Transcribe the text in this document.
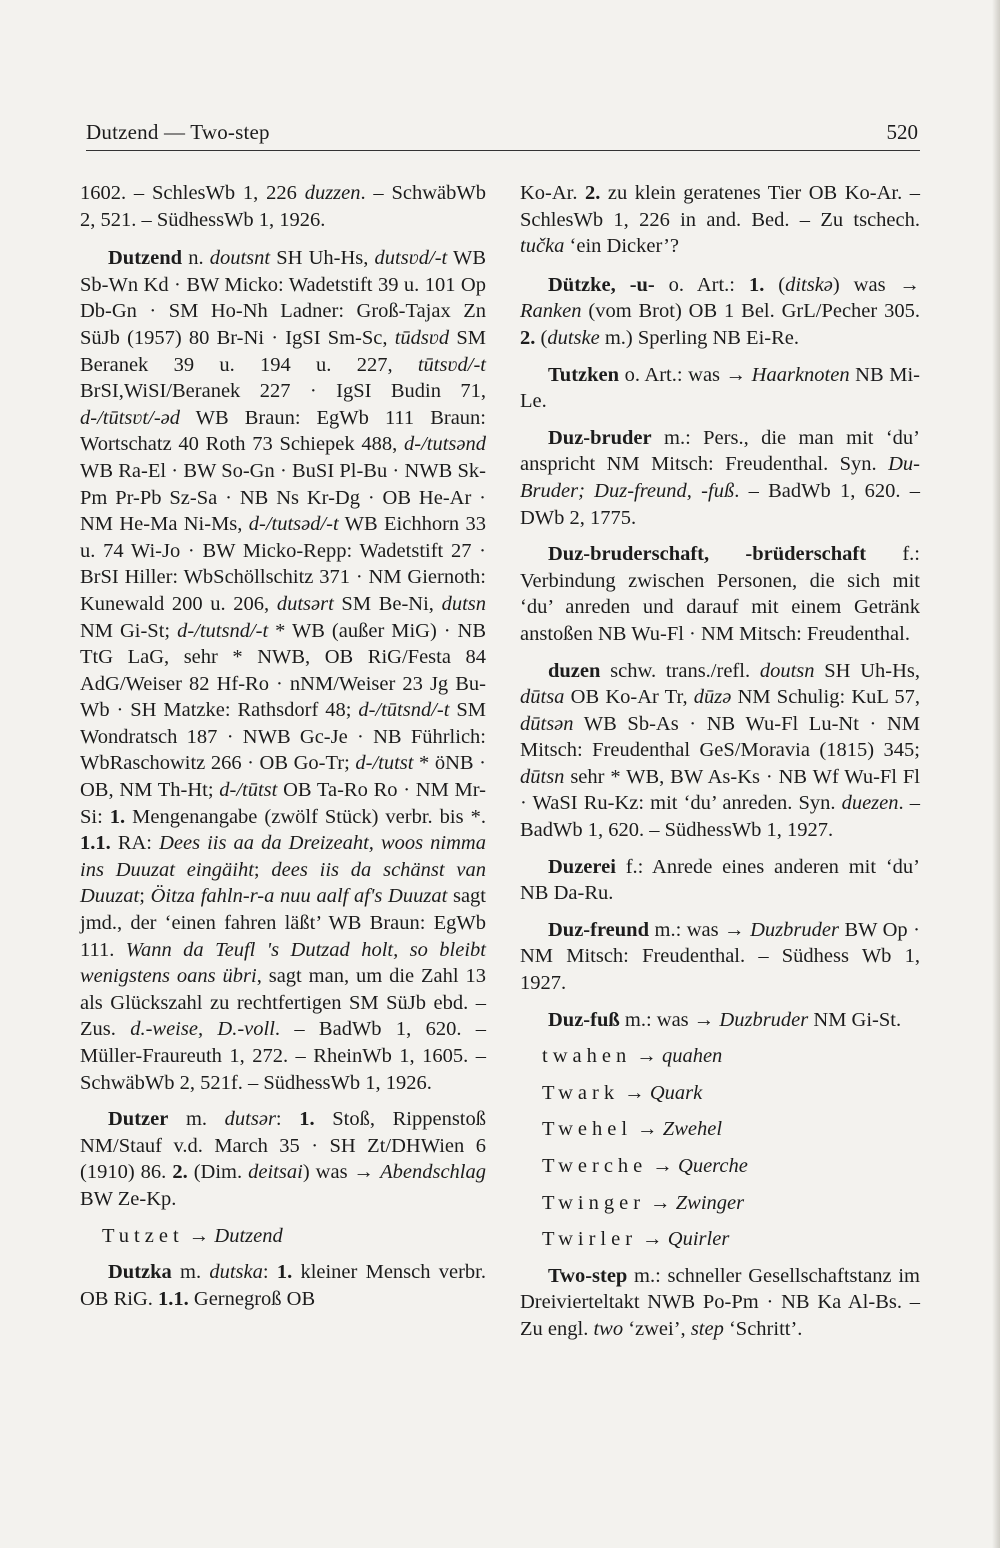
Dutzend — Two-step	520

1602. – SchlesWb 1, 226 duzzen. – SchwäbWb 2, 521. – SüdhessWb 1, 1926.

Dutzend n. doutsnt SH Uh-Hs, dutsʋd/-t WB Sb-Wn Kd · BW Micko: Wadetstift 39 u. 101 Op Db-Gn · SM Ho-Nh Ladner: Groß-Tajax Zn SüJb (1957) 80 Br-Ni · IgSI Sm-Sc, tūdsʋd SM Beranek 39 u. 194 u. 227, tūtsʋd/-t BrSI,WiSI/Beranek 227 · IgSI Budin 71, d-/tūtsʋt/-əd WB Braun: EgWb 111 Braun: Wortschatz 40 Roth 73 Schiepek 488, d-/tutsənd WB Ra-El · BW So-Gn · BuSI Pl-Bu · NWB Sk-Pm Pr-Pb Sz-Sa · NB Ns Kr-Dg · OB He-Ar · NM He-Ma Ni-Ms, d-/tutsəd/-t WB Eichhorn 33 u. 74 Wi-Jo · BW Micko-Repp: Wadetstift 27 · BrSI Hiller: WbSchöllschitz 371 · NM Giernoth: Kunewald 200 u. 206, dutsərt SM Be-Ni, dutsn NM Gi-St; d-/tutsnd/-t * WB (außer MiG) · NB TtG LaG, sehr * NWB, OB RiG/Festa 84 AdG/Weiser 82 Hf-Ro · nNM/Weiser 23 Jg Bu-Wb · SH Matzke: Rathsdorf 48; d-/tūtsnd/-t SM Wondratsch 187 · NWB Gc-Je · NB Führlich: WbRaschowitz 266 · OB Go-Tr; d-/tutst * öNB · OB, NM Th-Ht; d-/tūtst OB Ta-Ro Ro · NM Mr-Si: 1. Mengenangabe (zwölf Stück) verbr. bis *. 1.1. RA: Dees iis aa da Dreizeaht, woos nimma ins Duuzat eingäiht; dees iis da schänst van Duuzat; Öitza fahln-r-a nuu aalf af's Duuzat sagt jmd., der ‘einen fahren läßt’ WB Braun: EgWb 111. Wann da Teufl 's Dutzad holt, so bleibt wenigstens oans übri, sagt man, um die Zahl 13 als Glückszahl zu rechtfertigen SM SüJb ebd. – Zus. d.-weise, D.-voll. – BadWb 1, 620. – Müller-Fraureuth 1, 272. – RheinWb 1, 1605. – SchwäbWb 2, 521f. – SüdhessWb 1, 1926.

Dutzer m. dutsər: 1. Stoß, Rippenstoß NM/Stauf v.d. March 35 · SH Zt/DHWien 6 (1910) 86. 2. (Dim. deitsai) was → Abendschlag BW Ze-Kp.

Tutzet → Dutzend

Dutzka m. dutska: 1. kleiner Mensch verbr. OB RiG. 1.1. Gernegroß OB

Ko-Ar. 2. zu klein geratenes Tier OB Ko-Ar. – SchlesWb 1, 226 in and. Bed. – Zu tschech. tučka ‘ein Dicker’?

Dützke, -u- o. Art.: 1. (ditskə) was → Ranken (vom Brot) OB 1 Bel. GrL/Pecher 305. 2. (dutske m.) Sperling NB Ei-Re.

Tutzken o. Art.: was → Haarknoten NB Mi-Le.

Duz-bruder m.: Pers., die man mit ‘du’ anspricht NM Mitsch: Freudenthal. Syn. Du-Bruder; Duz-freund, -fuß. – BadWb 1, 620. – DWb 2, 1775.

Duz-bruderschaft, -brüderschaft f.: Verbindung zwischen Personen, die sich mit ‘du’ anreden und darauf mit einem Getränk anstoßen NB Wu-Fl · NM Mitsch: Freudenthal.

duzen schw. trans./refl. doutsn SH Uh-Hs, dūtsa OB Ko-Ar Tr, dūzə NM Schulig: KuL 57, dūtsən WB Sb-As · NB Wu-Fl Lu-Nt · NM Mitsch: Freudenthal GeS/Moravia (1815) 345; dūtsn sehr * WB, BW As-Ks · NB Wf Wu-Fl Fl · WaSI Ru-Kz: mit ‘du’ anreden. Syn. duezen. – BadWb 1, 620. – SüdhessWb 1, 1927.

Duzerei f.: Anrede eines anderen mit ‘du’ NB Da-Ru.

Duz-freund m.: was → Duzbruder BW Op · NM Mitsch: Freudenthal. – Südhess Wb 1, 1927.

Duz-fuß m.: was → Duzbruder NM Gi-St.

twahen → quahen
Twark → Quark
Twehel → Zwehel
Twerche → Querche
Twinger → Zwinger
Twirler → Quirler

Two-step m.: schneller Gesellschaftstanz im Dreivierteltakt NWB Po-Pm · NB Ka Al-Bs. – Zu engl. two ‘zwei’, step ‘Schritt’.
